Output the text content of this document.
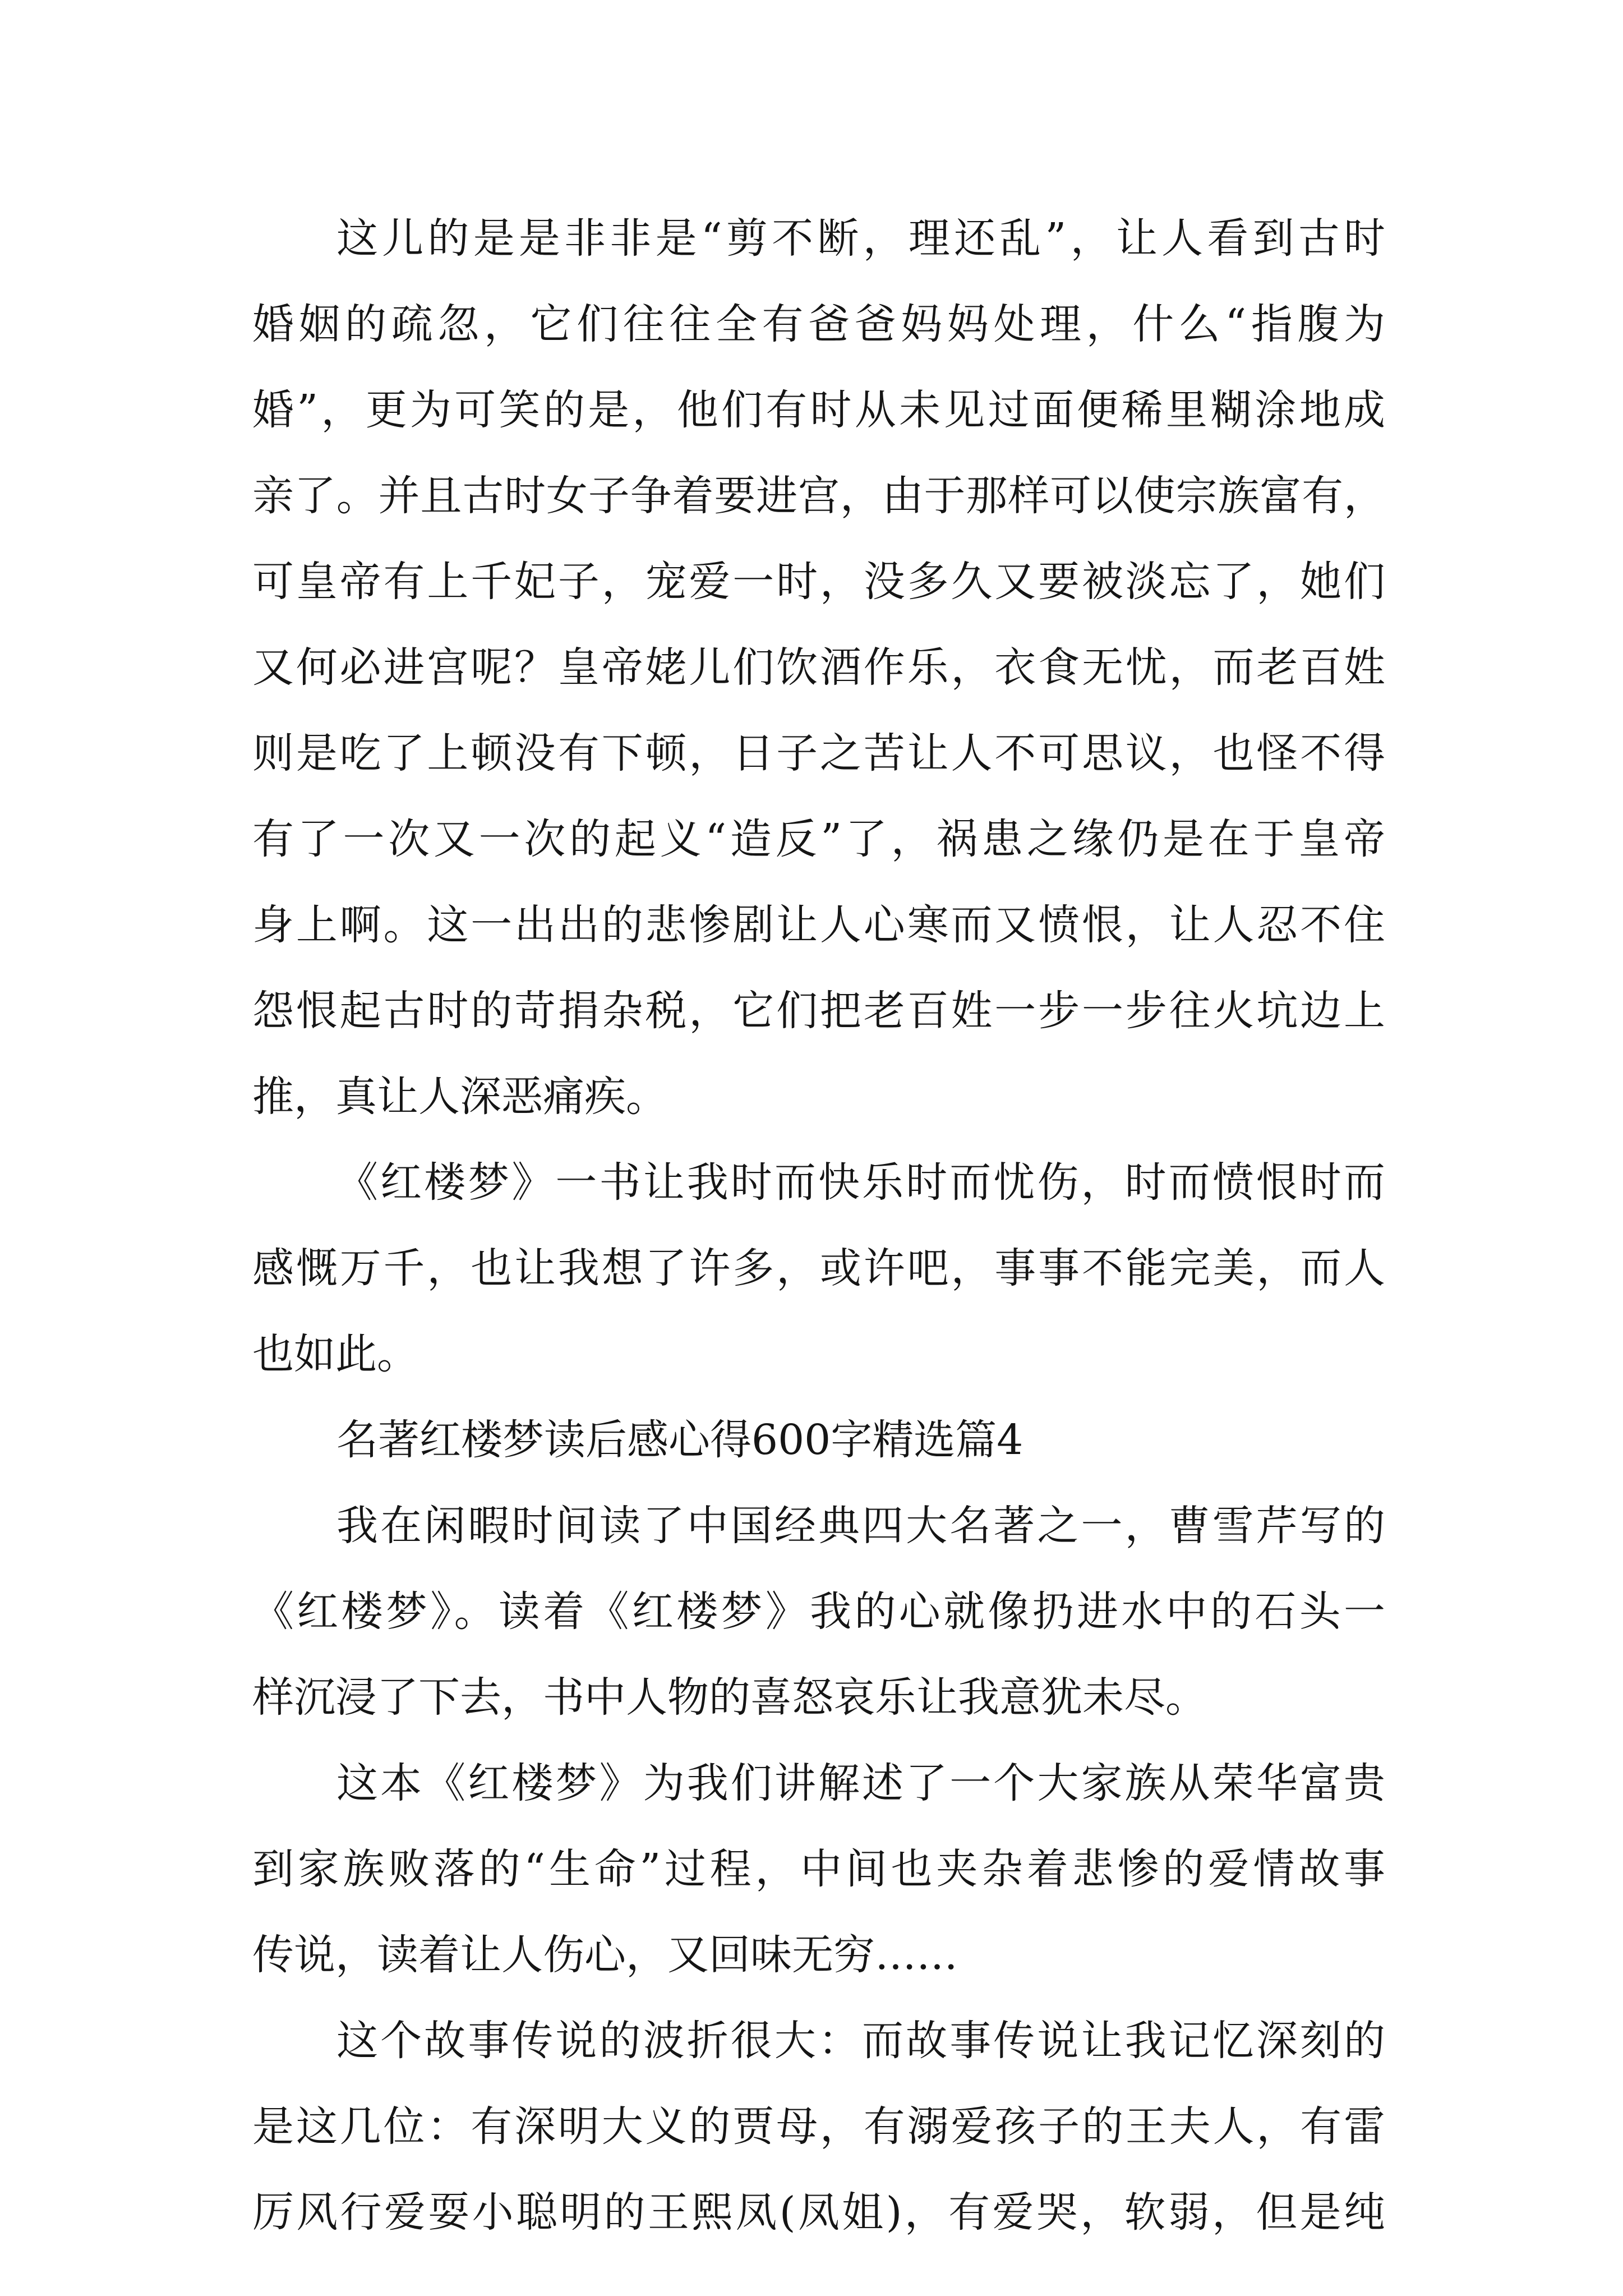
这儿的是是非非是“剪不断，理还乱”，让人看到古时
婚姻的疏忽，它们往往全有爸爸妈妈处理，什么“指腹为
婚”，更为可笑的是，他们有时从未见过面便稀里糊涂地成
亲了。并且古时女子争着要进宫，由于那样可以使宗族富有，
可皇帝有上千妃子，宠爱一时，没多久又要被淡忘了，她们
又何必进宫呢？皇帝姥儿们饮酒作乐，衣食无忧，而老百姓
则是吃了上顿没有下顿，日子之苦让人不可思议，也怪不得
有了一次又一次的起义“造反”了，祸患之缘仍是在于皇帝
身上啊。这一出出的悲惨剧让人心寒而又愤恨，让人忍不住
怨恨起古时的苛捐杂税，它们把老百姓一步一步往火坑边上
推，真让人深恶痛疾。
《红楼梦》一书让我时而快乐时而忧伤，时而愤恨时而
感慨万千，也让我想了许多，或许吧，事事不能完美，而人
也如此。
名著红楼梦读后感心得600字精选篇4
我在闲暇时间读了中国经典四大名著之一，曹雪芹写的
《红楼梦》。读着《红楼梦》我的心就像扔进水中的石头一
样沉浸了下去，书中人物的喜怒哀乐让我意犹未尽。
这本《红楼梦》为我们讲解述了一个大家族从荣华富贵
到家族败落的“生命”过程，中间也夹杂着悲惨的爱情故事
传说，读着让人伤心，又回味无穷……
这个故事传说的波折很大：而故事传说让我记忆深刻的
是这几位：有深明大义的贾母，有溺爱孩子的王夫人，有雷
厉风行爱耍小聪明的王熙凤(凤姐)，有爱哭，软弱，但是纯
